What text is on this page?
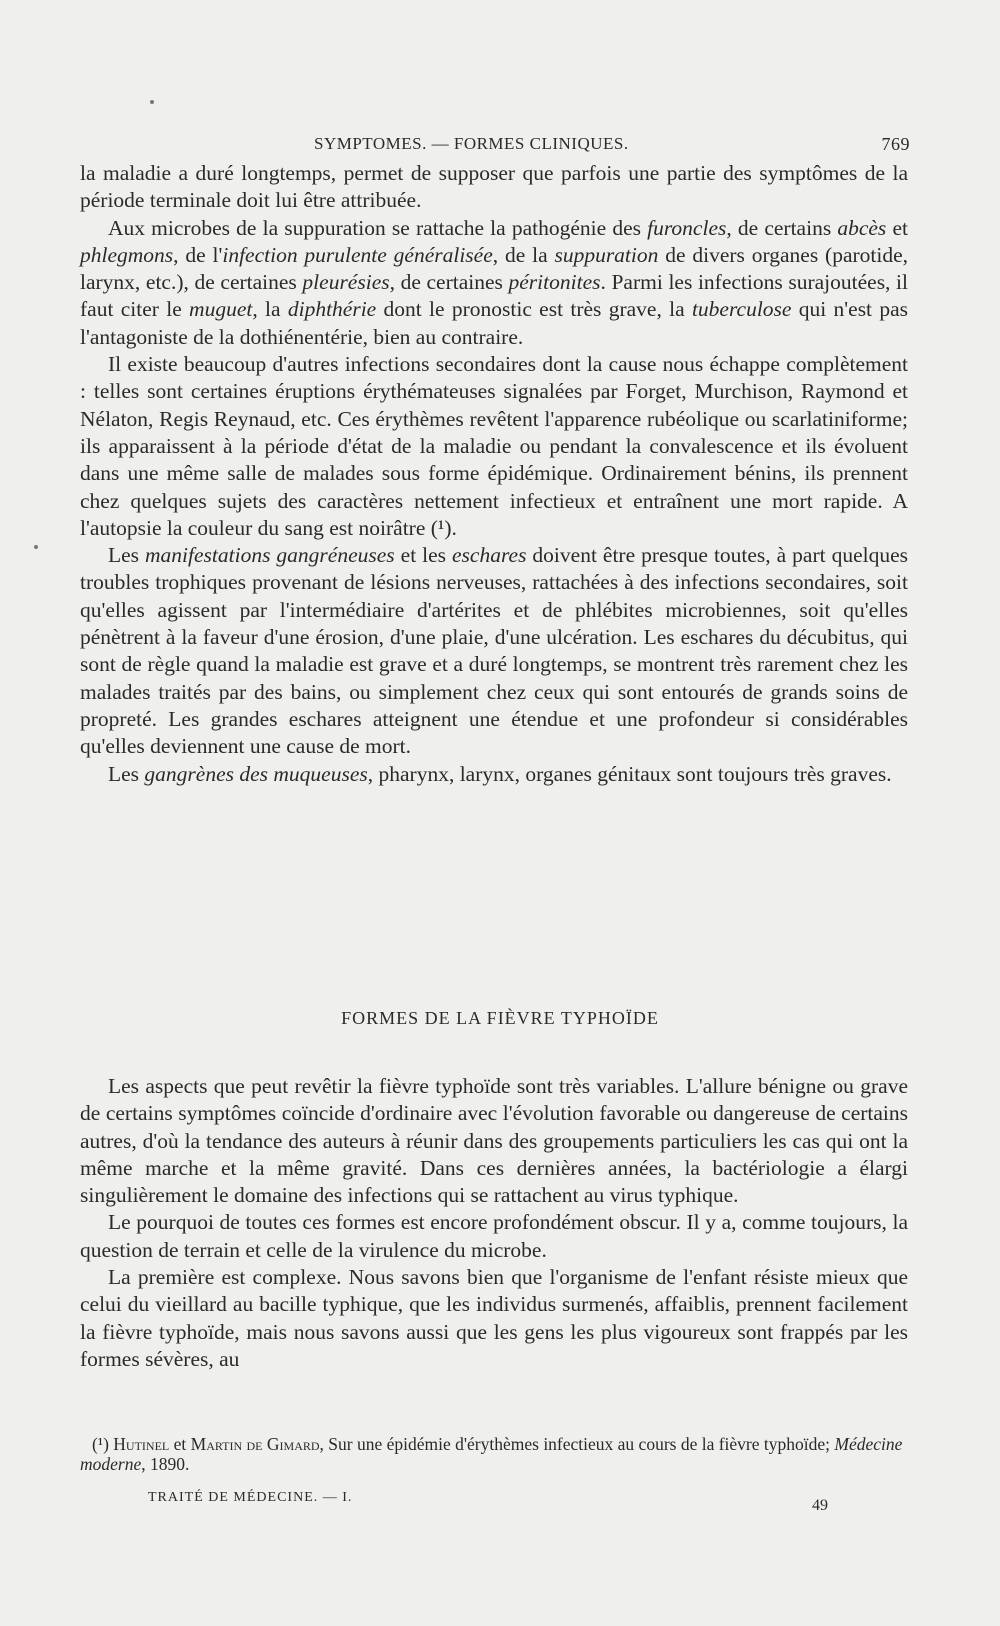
SYMPTOMES. — FORMES CLINIQUES.	769

la maladie a duré longtemps, permet de supposer que parfois une partie des symptômes de la période terminale doit lui être attribuée.

Aux microbes de la suppuration se rattache la pathogénie des furoncles, de certains abcès et phlegmons, de l'infection purulente généralisée, de la suppuration de divers organes (parotide, larynx, etc.), de certaines pleurésies, de certaines péritonites. Parmi les infections surajoutées, il faut citer le muguet, la diphthérie dont le pronostic est très grave, la tuberculose qui n'est pas l'antagoniste de la dothiénentérie, bien au contraire.

Il existe beaucoup d'autres infections secondaires dont la cause nous échappe complètement : telles sont certaines éruptions érythémateuses signalées par Forget, Murchison, Raymond et Nélaton, Regis Reynaud, etc. Ces érythèmes revêtent l'apparence rubéolique ou scarlatiniforme; ils apparaissent à la période d'état de la maladie ou pendant la convalescence et ils évoluent dans une même salle de malades sous forme épidémique. Ordinairement bénins, ils prennent chez quelques sujets des caractères nettement infectieux et entraînent une mort rapide. A l'autopsie la couleur du sang est noirâtre (¹).

Les manifestations gangréneuses et les eschares doivent être presque toutes, à part quelques troubles trophiques provenant de lésions nerveuses, rattachées à des infections secondaires, soit qu'elles agissent par l'intermédiaire d'artérites et de phlébites microbiennes, soit qu'elles pénètrent à la faveur d'une érosion, d'une plaie, d'une ulcération. Les eschares du décubitus, qui sont de règle quand la maladie est grave et a duré longtemps, se montrent très rarement chez les malades traités par des bains, ou simplement chez ceux qui sont entourés de grands soins de propreté. Les grandes eschares atteignent une étendue et une profondeur si considérables qu'elles deviennent une cause de mort.

Les gangrènes des muqueuses, pharynx, larynx, organes génitaux sont toujours très graves.

FORMES DE LA FIÈVRE TYPHOÏDE

Les aspects que peut revêtir la fièvre typhoïde sont très variables. L'allure bénigne ou grave de certains symptômes coïncide d'ordinaire avec l'évolution favorable ou dangereuse de certains autres, d'où la tendance des auteurs à réunir dans des groupements particuliers les cas qui ont la même marche et la même gravité. Dans ces dernières années, la bactériologie a élargi singulièrement le domaine des infections qui se rattachent au virus typhique.

Le pourquoi de toutes ces formes est encore profondément obscur. Il y a, comme toujours, la question de terrain et celle de la virulence du microbe.

La première est complexe. Nous savons bien que l'organisme de l'enfant résiste mieux que celui du vieillard au bacille typhique, que les individus surmenés, affaiblis, prennent facilement la fièvre typhoïde, mais nous savons aussi que les gens les plus vigoureux sont frappés par les formes sévères, au

(¹) Hutinel et Martin de Gimard, Sur une épidémie d'érythèmes infectieux au cours de la fièvre typhoïde; Médecine moderne, 1890.

TRAITÉ DE MÉDECINE. — I.	49
